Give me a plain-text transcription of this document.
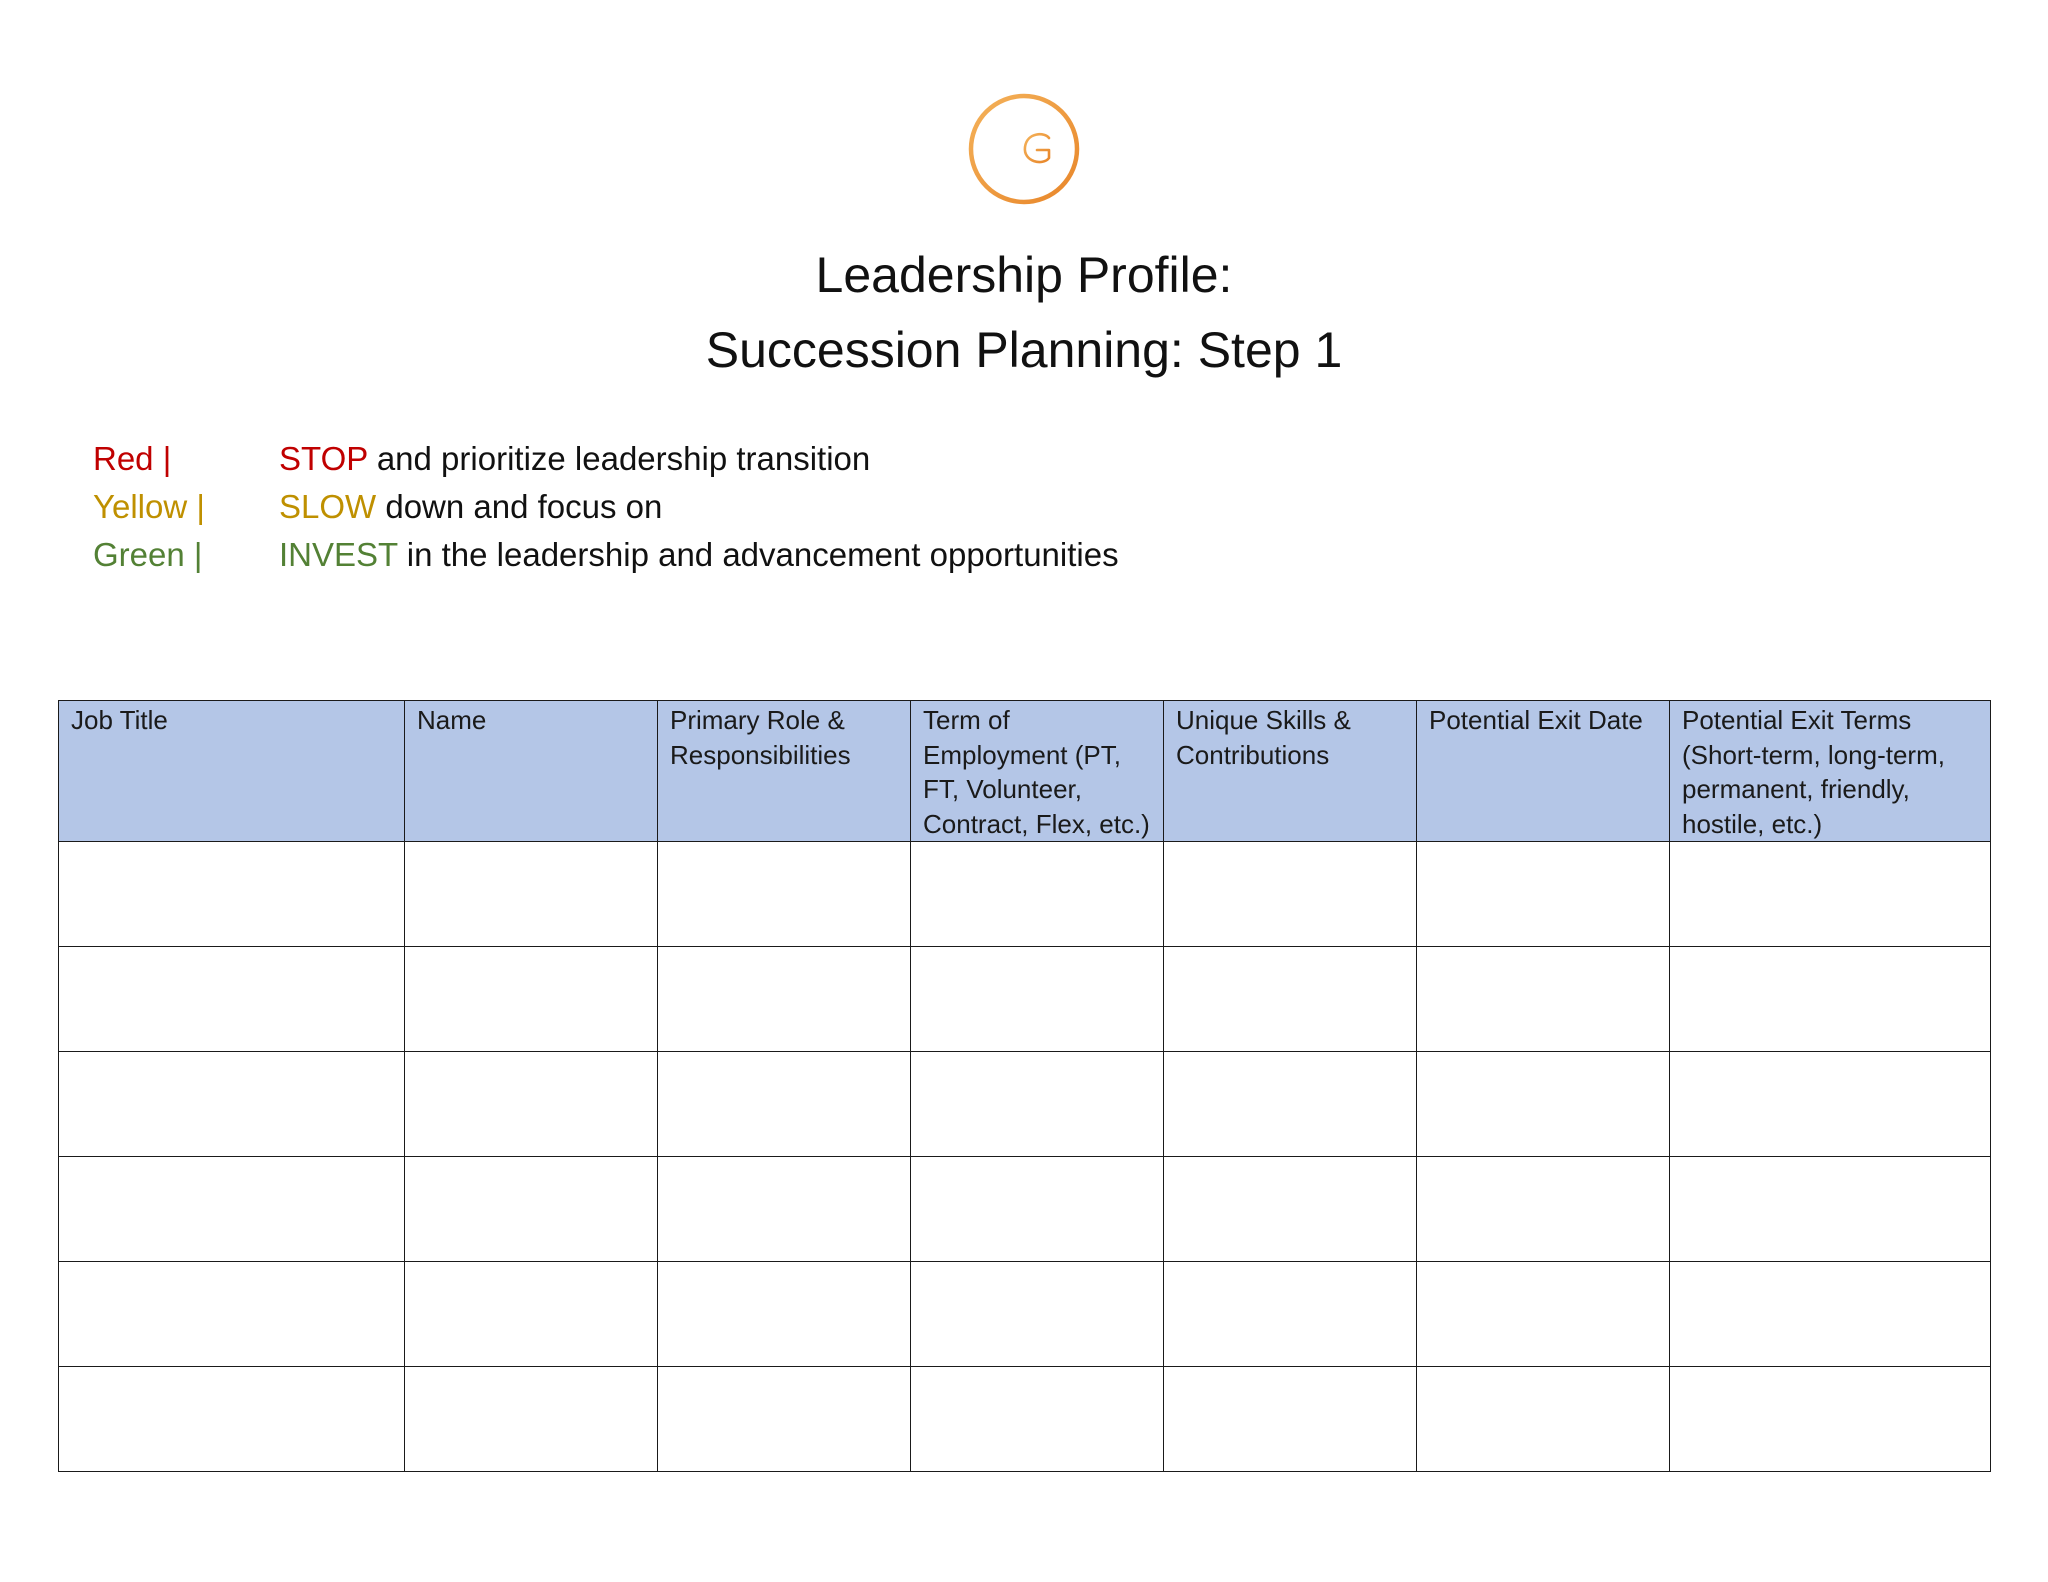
Leadership Profile:
Succession Planning: Step 1
Red |	STOP and prioritize leadership transition
Yellow |	SLOW down and focus on
Green |	INVEST in the leadership and advancement opportunities
Job Title	Name	Primary Role & Responsibilities	Term of Employment (PT, FT, Volunteer, Contract, Flex, etc.)	Unique Skills & Contributions	Potential Exit Date	Potential Exit Terms (Short-term, long-term, permanent, friendly, hostile, etc.)
